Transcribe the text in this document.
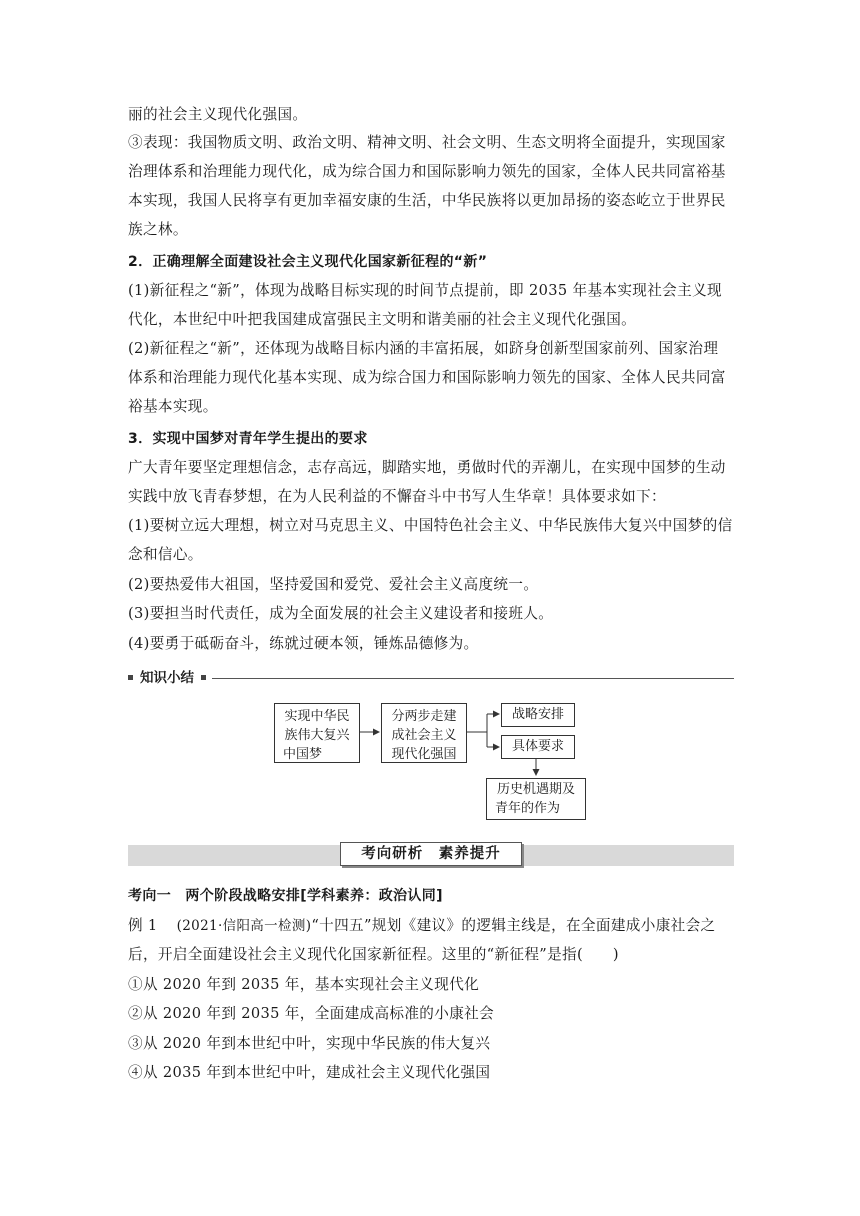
丽的社会主义现代化强国。
③表现：我国物质文明、政治文明、精神文明、社会文明、生态文明将全面提升，实现国家
治理体系和治理能力现代化，成为综合国力和国际影响力领先的国家，全体人民共同富裕基
本实现，我国人民将享有更加幸福安康的生活，中华民族将以更加昂扬的姿态屹立于世界民
族之林。
2．正确理解全面建设社会主义现代化国家新征程的“新”
(1)新征程之“新”，体现为战略目标实现的时间节点提前，即 2035 年基本实现社会主义现
代化，本世纪中叶把我国建成富强民主文明和谐美丽的社会主义现代化强国。
(2)新征程之“新”，还体现为战略目标内涵的丰富拓展，如跻身创新型国家前列、国家治理
体系和治理能力现代化基本实现、成为综合国力和国际影响力领先的国家、全体人民共同富
裕基本实现。
3．实现中国梦对青年学生提出的要求
广大青年要坚定理想信念，志存高远，脚踏实地，勇做时代的弄潮儿，在实现中国梦的生动
实践中放飞青春梦想，在为人民利益的不懈奋斗中书写人生华章！具体要求如下：
(1)要树立远大理想，树立对马克思主义、中国特色社会主义、中华民族伟大复兴中国梦的信
念和信心。
(2)要热爱伟大祖国，坚持爱国和爱党、爱社会主义高度统一。
(3)要担当时代责任，成为全面发展的社会主义建设者和接班人。
(4)要勇于砥砺奋斗，练就过硬本领，锤炼品德修为。
知识小结
实现中华民
族伟大复兴
中国梦
分两步走建
成社会主义
现代化强国
战略安排
具体要求
历史机遇期及
青年的作为
考向研析　素养提升
考向一　两个阶段战略安排[学科素养：政治认同]
例 1 (2021·信阳高一检测)“十四五”规划《建议》的逻辑主线是，在全面建成小康社会之
后，开启全面建设社会主义现代化国家新征程。这里的“新征程”是指(　　)
①从 2020 年到 2035 年，基本实现社会主义现代化
②从 2020 年到 2035 年，全面建成高标准的小康社会
③从 2020 年到本世纪中叶，实现中华民族的伟大复兴
④从 2035 年到本世纪中叶，建成社会主义现代化强国
